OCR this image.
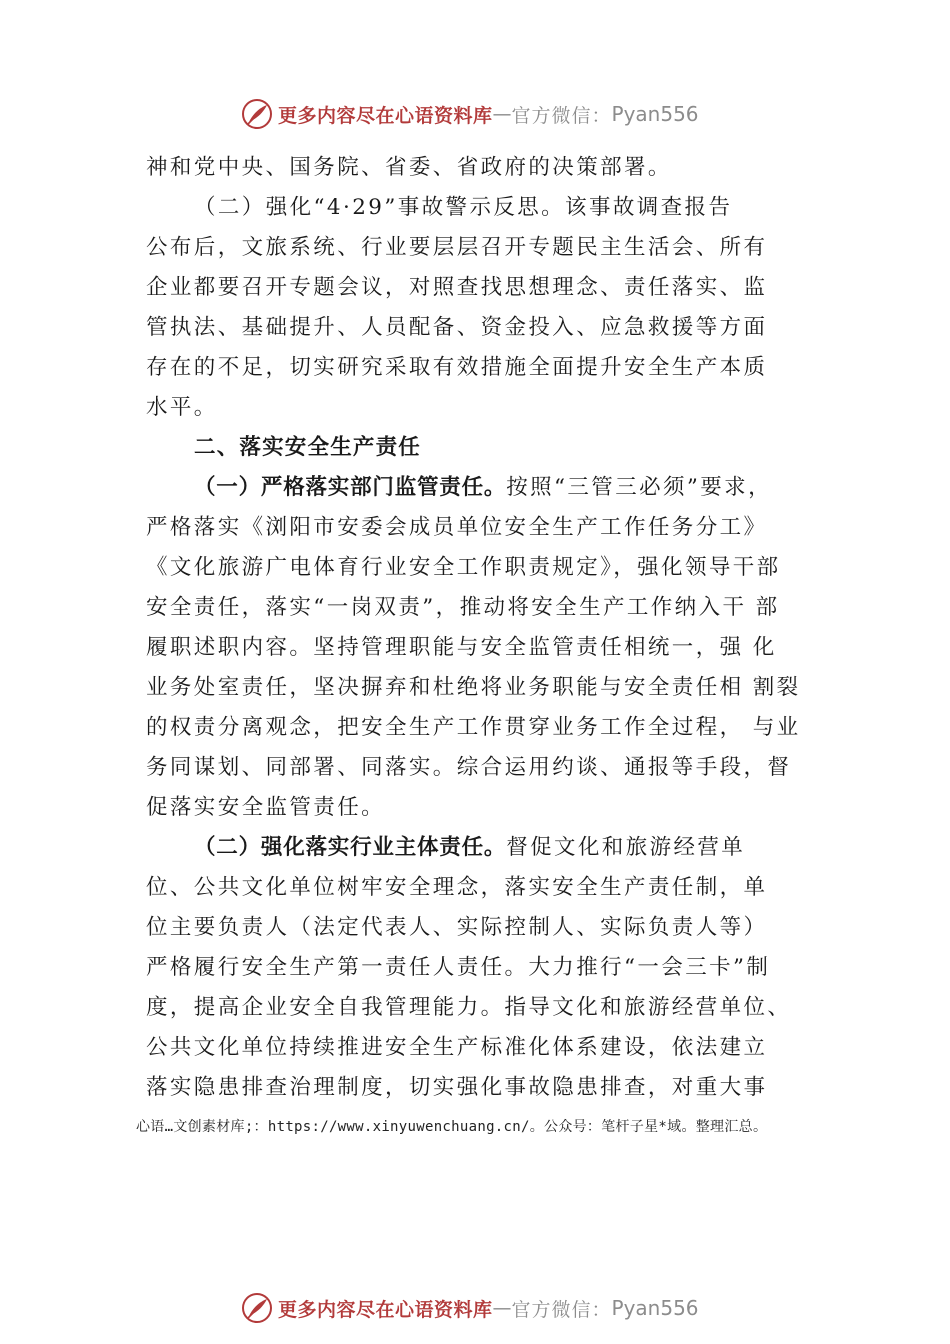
更多内容尽在心语资料库 — 官方微信： Pyan556
神和党中央、国务院、省委、省政府的决策部署。
（二）强化“4·29”事故警示反思。该事故调查报告
公布后，文旅系统、行业要层层召开专题民主生活会、所有
企业都要召开专题会议，对照查找思想理念、责任落实、监
管执法、基础提升、人员配备、资金投入、应急救援等方面
存在的不足，切实研究采取有效措施全面提升安全生产本质
水平。
二、落实安全生产责任
（一）严格落实部门监管责任。按照“三管三必须”要求，
严格落实《浏阳市安委会成员单位安全生产工作任务分工》
《文化旅游广电体育行业安全工作职责规定》，强化领导干部
安全责任，落实“一岗双责”，推动将安全生产工作纳入干 部
履职述职内容。坚持管理职能与安全监管责任相统一，强 化
业务处室责任，坚决摒弃和杜绝将业务职能与安全责任相 割裂
的权责分离观念，把安全生产工作贯穿业务工作全过程， 与业
务同谋划、同部署、同落实。综合运用约谈、通报等手段，督
促落实安全监管责任。
（二）强化落实行业主体责任。督促文化和旅游经营单
位、公共文化单位树牢安全理念，落实安全生产责任制，单
位主要负责人（法定代表人、实际控制人、实际负责人等）
严格履行安全生产第一责任人责任。大力推行“一会三卡”制
度，提高企业安全自我管理能力。指导文化和旅游经营单位、
公共文化单位持续推进安全生产标准化体系建设，依法建立
落实隐患排查治理制度，切实强化事故隐患排查，对重大事
心语…文创素材库;：https://www.xinyuwenchuang.cn/。公众号：笔杆子星*域。整理汇总。
更多内容尽在心语资料库 — 官方微信： Pyan556
